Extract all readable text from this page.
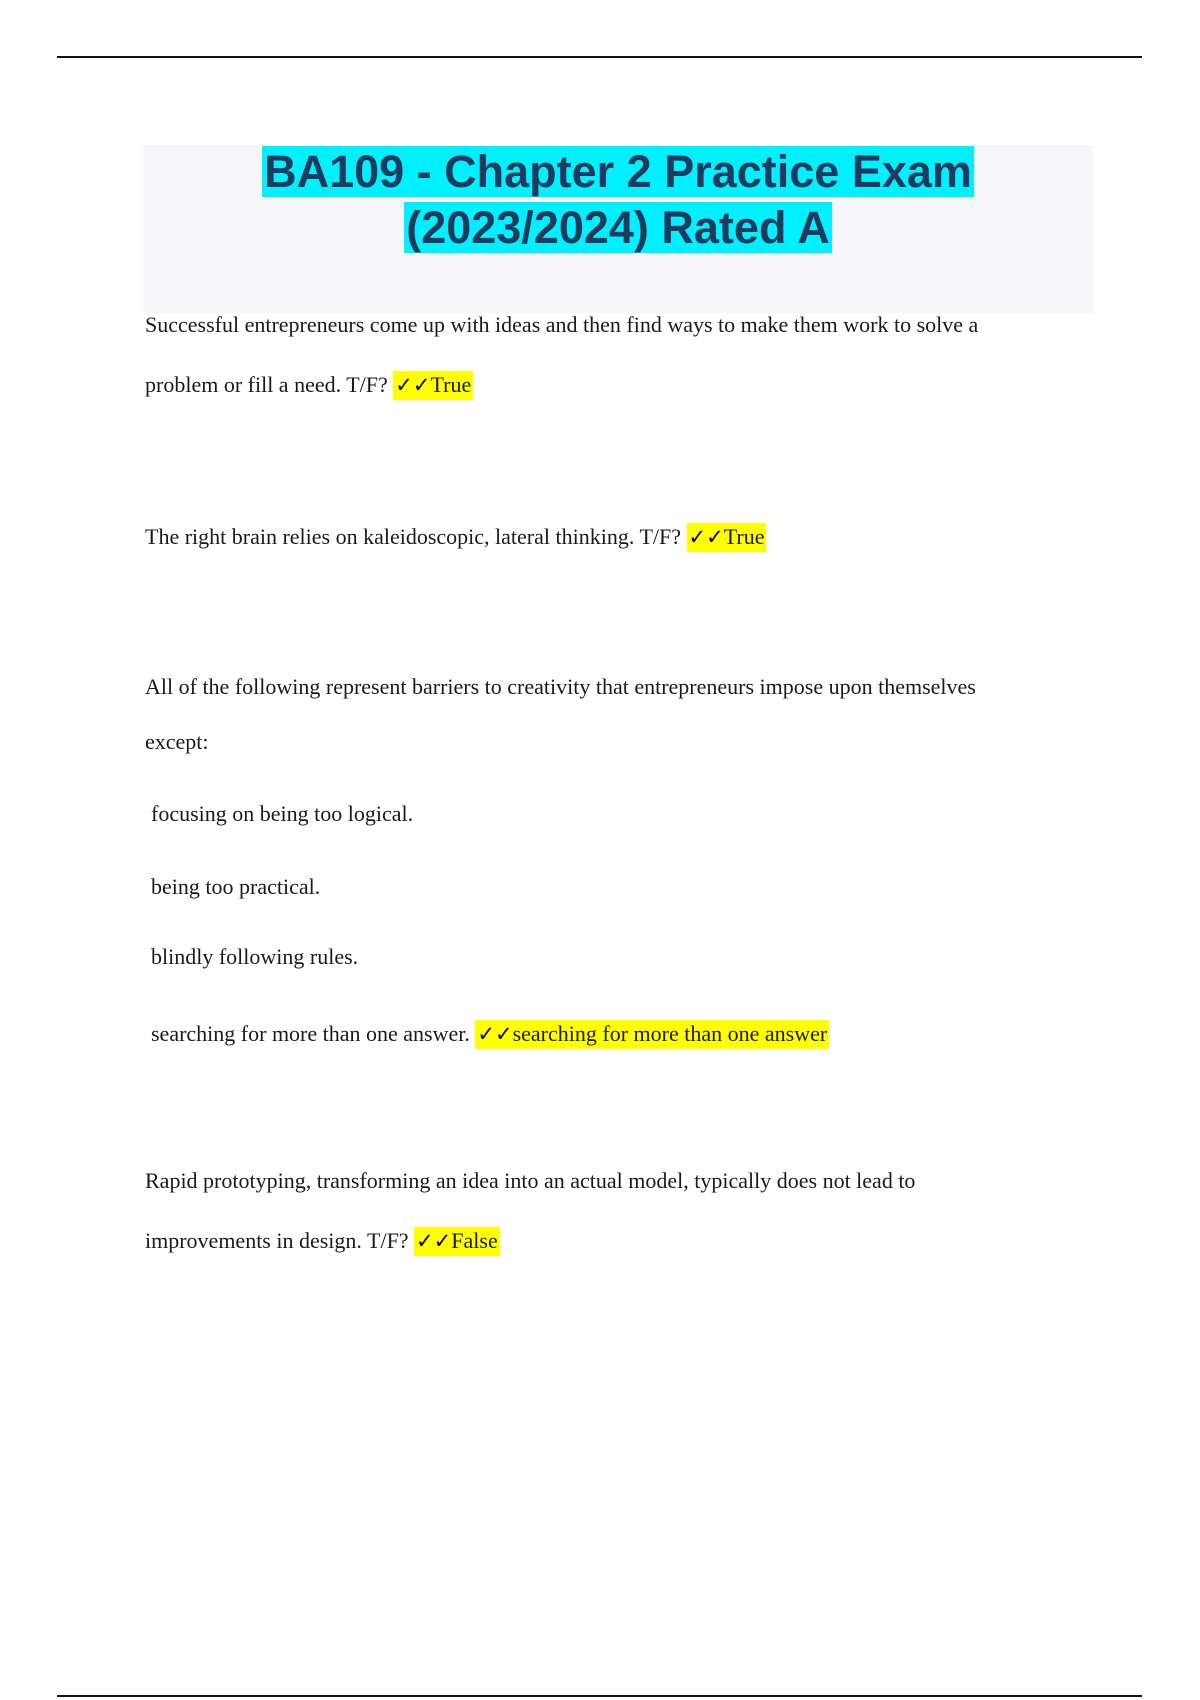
BA109 - Chapter 2 Practice Exam
(2023/2024) Rated A

Successful entrepreneurs come up with ideas and then find ways to make them work to solve a

problem or fill a need. T/F? ✓✓True

The right brain relies on kaleidoscopic, lateral thinking. T/F? ✓✓True

All of the following represent barriers to creativity that entrepreneurs impose upon themselves

except:

focusing on being too logical.

being too practical.

blindly following rules.

searching for more than one answer. ✓✓searching for more than one answer

Rapid prototyping, transforming an idea into an actual model, typically does not lead to

improvements in design. T/F? ✓✓False
